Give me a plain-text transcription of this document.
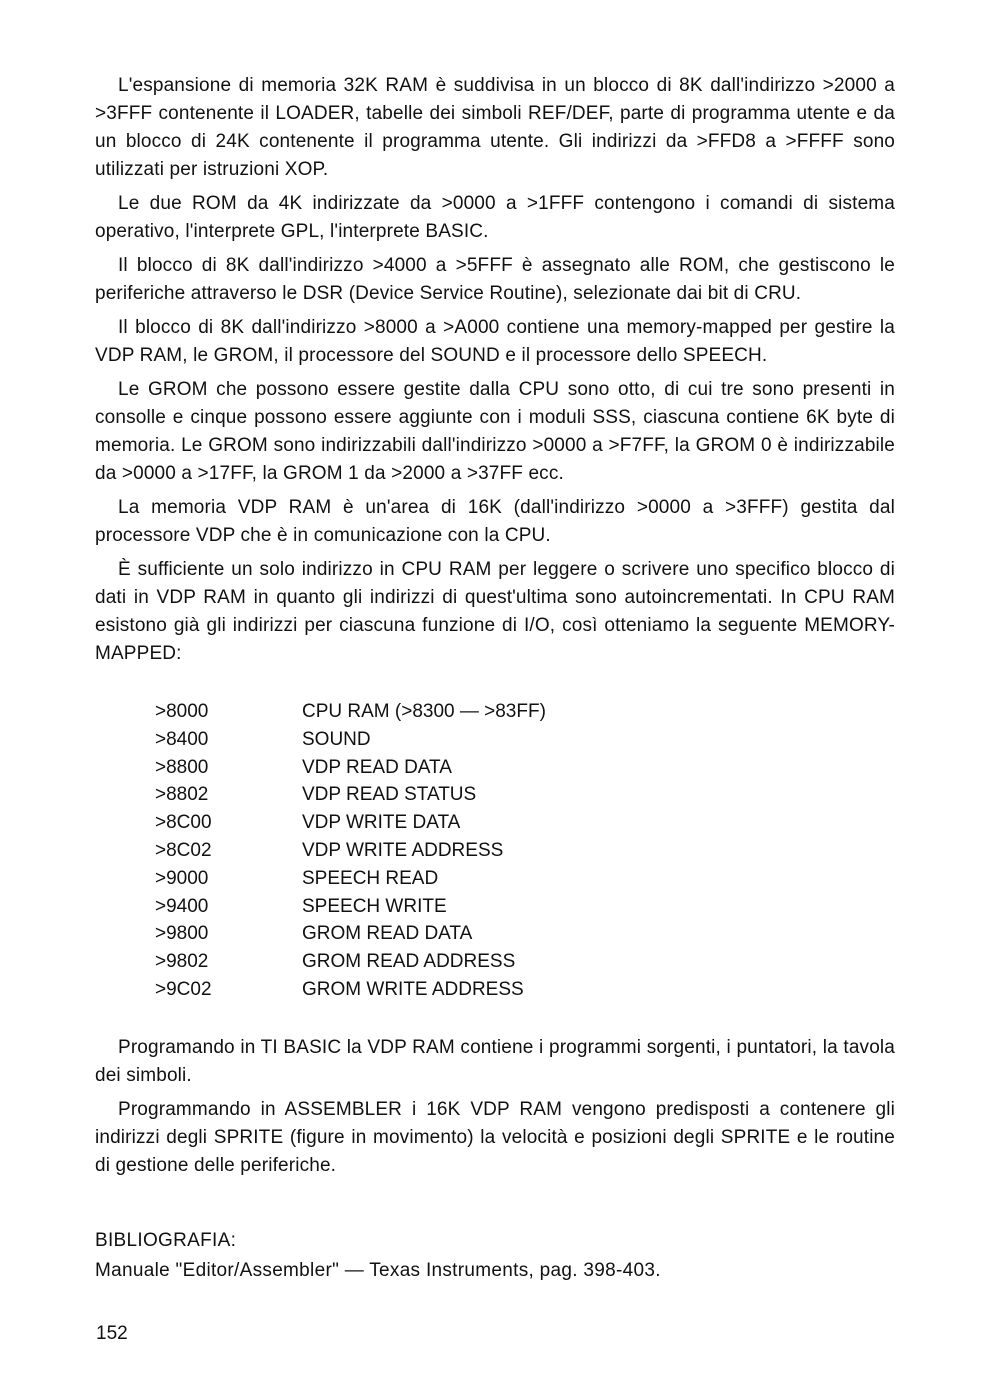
L'espansione di memoria 32K RAM è suddivisa in un blocco di 8K dall'indirizzo >2000 a >3FFF contenente il LOADER, tabelle dei simboli REF/DEF, parte di programma utente e da un blocco di 24K contenente il programma utente. Gli indirizzi da >FFD8 a >FFFF sono utilizzati per istruzioni XOP.

Le due ROM da 4K indirizzate da >0000 a >1FFF contengono i comandi di sistema operativo, l'interprete GPL, l'interprete BASIC.

Il blocco di 8K dall'indirizzo >4000 a >5FFF è assegnato alle ROM, che gestiscono le periferiche attraverso le DSR (Device Service Routine), selezionate dai bit di CRU.

Il blocco di 8K dall'indirizzo >8000 a >A000 contiene una memory-mapped per gestire la VDP RAM, le GROM, il processore del SOUND e il processore dello SPEECH.

Le GROM che possono essere gestite dalla CPU sono otto, di cui tre sono presenti in consolle e cinque possono essere aggiunte con i moduli SSS, ciascuna contiene 6K byte di memoria. Le GROM sono indirizzabili dall'indirizzo >0000 a >F7FF, la GROM 0 è indirizzabile da >0000 a >17FF, la GROM 1 da >2000 a >37FF ecc.

La memoria VDP RAM è un'area di 16K (dall'indirizzo >0000 a >3FFF) gestita dal processore VDP che è in comunicazione con la CPU.

È sufficiente un solo indirizzo in CPU RAM per leggere o scrivere uno specifico blocco di dati in VDP RAM in quanto gli indirizzi di quest'ultima sono autoincrementati. In CPU RAM esistono già gli indirizzi per ciascuna funzione di I/O, così otteniamo la seguente MEMORY-MAPPED:

>8000	CPU RAM (>8300 — >83FF)
>8400	SOUND
>8800	VDP READ DATA
>8802	VDP READ STATUS
>8C00	VDP WRITE DATA
>8C02	VDP WRITE ADDRESS
>9000	SPEECH READ
>9400	SPEECH WRITE
>9800	GROM READ DATA
>9802	GROM READ ADDRESS
>9C02	GROM WRITE ADDRESS

Programando in TI BASIC la VDP RAM contiene i programmi sorgenti, i puntatori, la tavola dei simboli.

Programmando in ASSEMBLER i 16K VDP RAM vengono predisposti a contenere gli indirizzi degli SPRITE (figure in movimento) la velocità e posizioni degli SPRITE e le routine di gestione delle periferiche.

BIBLIOGRAFIA:
Manuale "Editor/Assembler" — Texas Instruments, pag. 398-403.
152
